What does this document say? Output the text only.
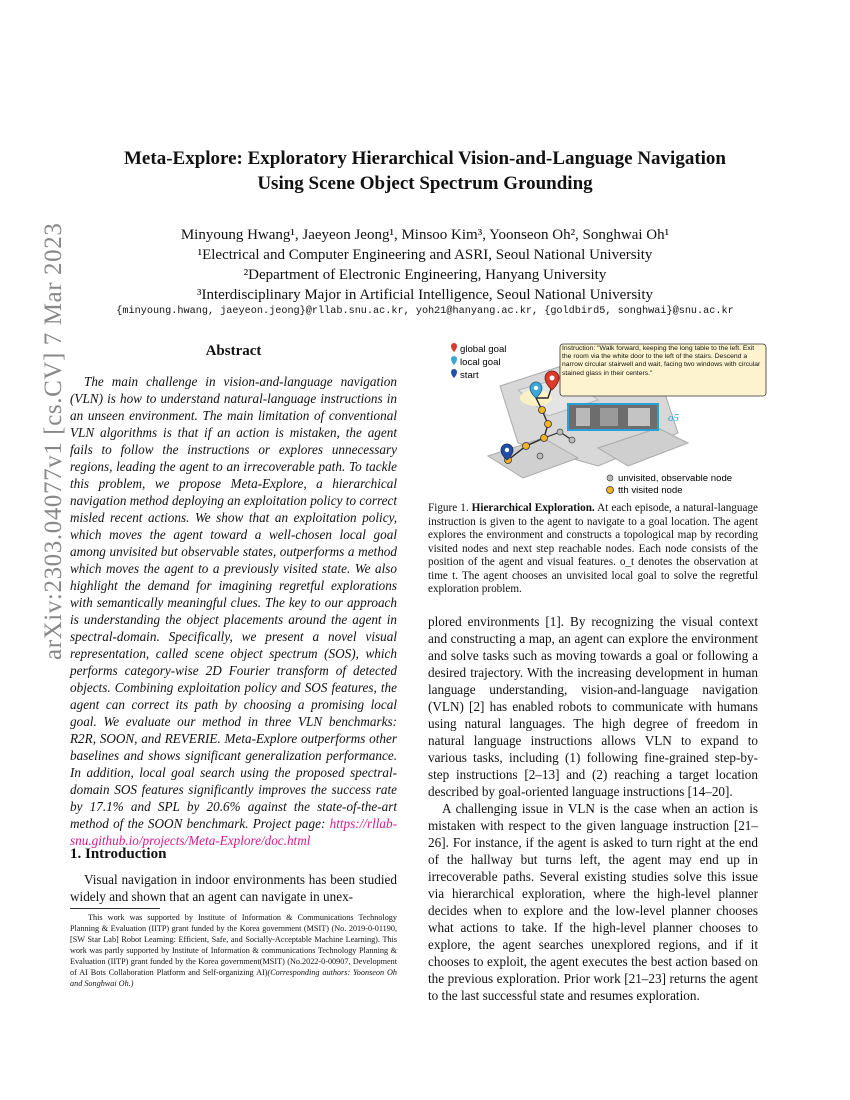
arXiv:2303.04077v1 [cs.CV] 7 Mar 2023
Meta-Explore: Exploratory Hierarchical Vision-and-Language Navigation
Using Scene Object Spectrum Grounding
Minyoung Hwang¹, Jaeyeon Jeong¹, Minsoo Kim³, Yoonseon Oh², Songhwai Oh¹
¹Electrical and Computer Engineering and ASRI, Seoul National University
²Department of Electronic Engineering, Hanyang University
³Interdisciplinary Major in Artificial Intelligence, Seoul National University
{minyoung.hwang, jaeyeon.jeong}@rllab.snu.ac.kr, yoh21@hanyang.ac.kr, {goldbird5, songhwai}@snu.ac.kr
Abstract

The main challenge in vision-and-language navigation (VLN) is how to understand natural-language instructions in an unseen environment. The main limitation of conventional VLN algorithms is that if an action is mistaken, the agent fails to follow the instructions or explores unnecessary regions, leading the agent to an irrecoverable path. To tackle this problem, we propose Meta-Explore, a hierarchical navigation method deploying an exploitation policy to correct misled recent actions. We show that an exploitation policy, which moves the agent toward a well-chosen local goal among unvisited but observable states, outperforms a method which moves the agent to a previously visited state. We also highlight the demand for imagining regretful explorations with semantically meaningful clues. The key to our approach is understanding the object placements around the agent in spectral-domain. Specifically, we present a novel visual representation, called scene object spectrum (SOS), which performs category-wise 2D Fourier transform of detected objects. Combining exploitation policy and SOS features, the agent can correct its path by choosing a promising local goal. We evaluate our method in three VLN benchmarks: R2R, SOON, and REVERIE. Meta-Explore outperforms other baselines and shows significant generalization performance. In addition, local goal search using the proposed spectral-domain SOS features significantly improves the success rate by 17.1% and SPL by 20.6% against the state-of-the-art method of the SOON benchmark. Project page: https://rllab-snu.github.io/projects/Meta-Explore/doc.html

1. Introduction

Visual navigation in indoor environments has been studied widely and shown that an agent can navigate in unex-

This work was supported by Institute of Information & Communications Technology Planning & Evaluation (IITP) grant funded by the Korea government (MSIT) (No. 2019-0-01190, [SW Star Lab] Robot Learning: Efficient, Safe, and Socially-Acceptable Machine Learning). This work was partly supported by Institute of Information & communications Technology Planning & Evaluation (IITP) grant funded by the Korea government(MSIT) (No.2022-0-00907, Development of AI Bots Collaboration Platform and Self-organizing AI)(Corresponding authors: Yoonseon Oh and Songhwai Oh.)

global goal
local goal
start
Instruction: "Walk forward, keeping the long table to the left. Exit the room via the white door to the left of the stairs. Descend a narrow circular stairwell and wait, facing two windows with circular stained glass in their centers."
o5
unvisited, observable node
tth visited node

Figure 1. Hierarchical Exploration. At each episode, a natural-language instruction is given to the agent to navigate to a goal location. The agent explores the environment and constructs a topological map by recording visited nodes and next step reachable nodes. Each node consists of the position of the agent and visual features. o_t denotes the observation at time t. The agent chooses an unvisited local goal to solve the regretful exploration problem.

plored environments [1]. By recognizing the visual context and constructing a map, an agent can explore the environment and solve tasks such as moving towards a goal or following a desired trajectory. With the increasing development in human language understanding, vision-and-language navigation (VLN) [2] has enabled robots to communicate with humans using natural languages. The high degree of freedom in natural language instructions allows VLN to expand to various tasks, including (1) following fine-grained step-by-step instructions [2–13] and (2) reaching a target location described by goal-oriented language instructions [14–20].

A challenging issue in VLN is the case when an action is mistaken with respect to the given language instruction [21–26]. For instance, if the agent is asked to turn right at the end of the hallway but turns left, the agent may end up in irrecoverable paths. Several existing studies solve this issue via hierarchical exploration, where the high-level planner decides when to explore and the low-level planner chooses what actions to take. If the high-level planner chooses to explore, the agent searches unexplored regions, and if it chooses to exploit, the agent executes the best action based on the previous exploration. Prior work [21–23] returns the agent to the last successful state and resumes exploration.
